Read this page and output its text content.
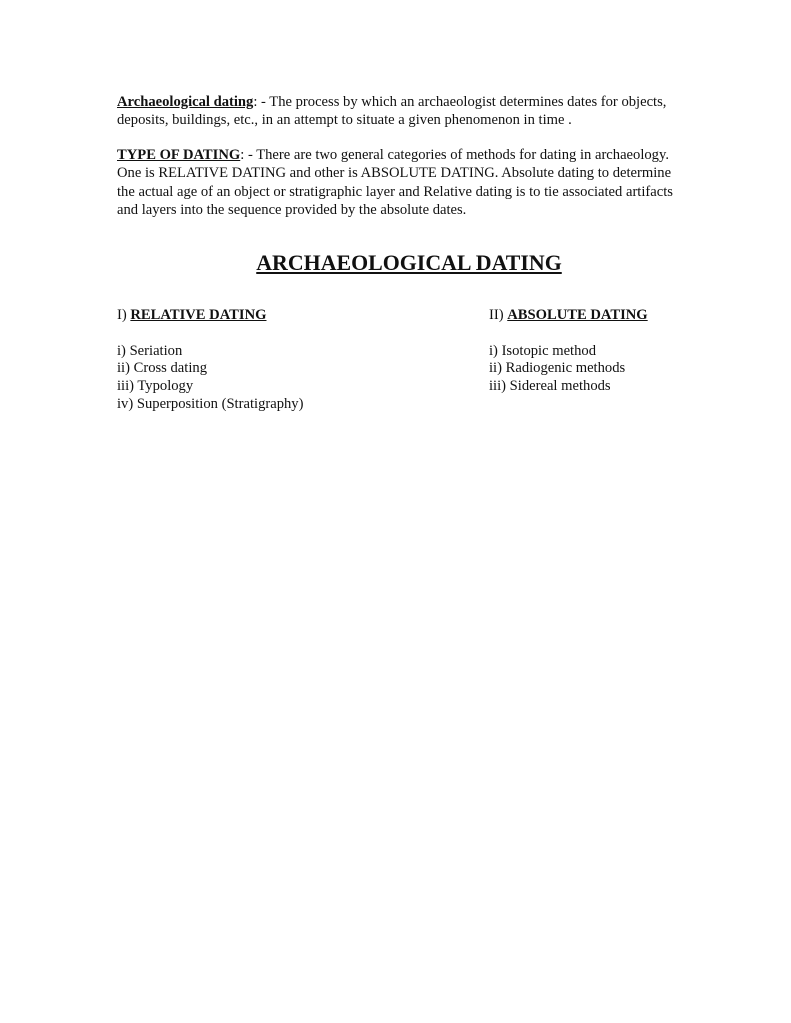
Archaeological dating: - The process by which an archaeologist determines dates for objects, deposits, buildings, etc., in an attempt to situate a given phenomenon in time .

TYPE OF DATING: - There are two general categories of methods for dating in archaeology. One is RELATIVE DATING and other is ABSOLUTE DATING. Absolute dating to determine the actual age of an object or stratigraphic layer and Relative dating is to tie associated artifacts and layers into the sequence provided by the absolute dates.

ARCHAEOLOGICAL DATING

I) RELATIVE DATING

i) Seriation
ii) Cross dating
iii) Typology
iv) Superposition (Stratigraphy)

II) ABSOLUTE DATING

i) Isotopic method
ii) Radiogenic methods
iii) Sidereal methods
